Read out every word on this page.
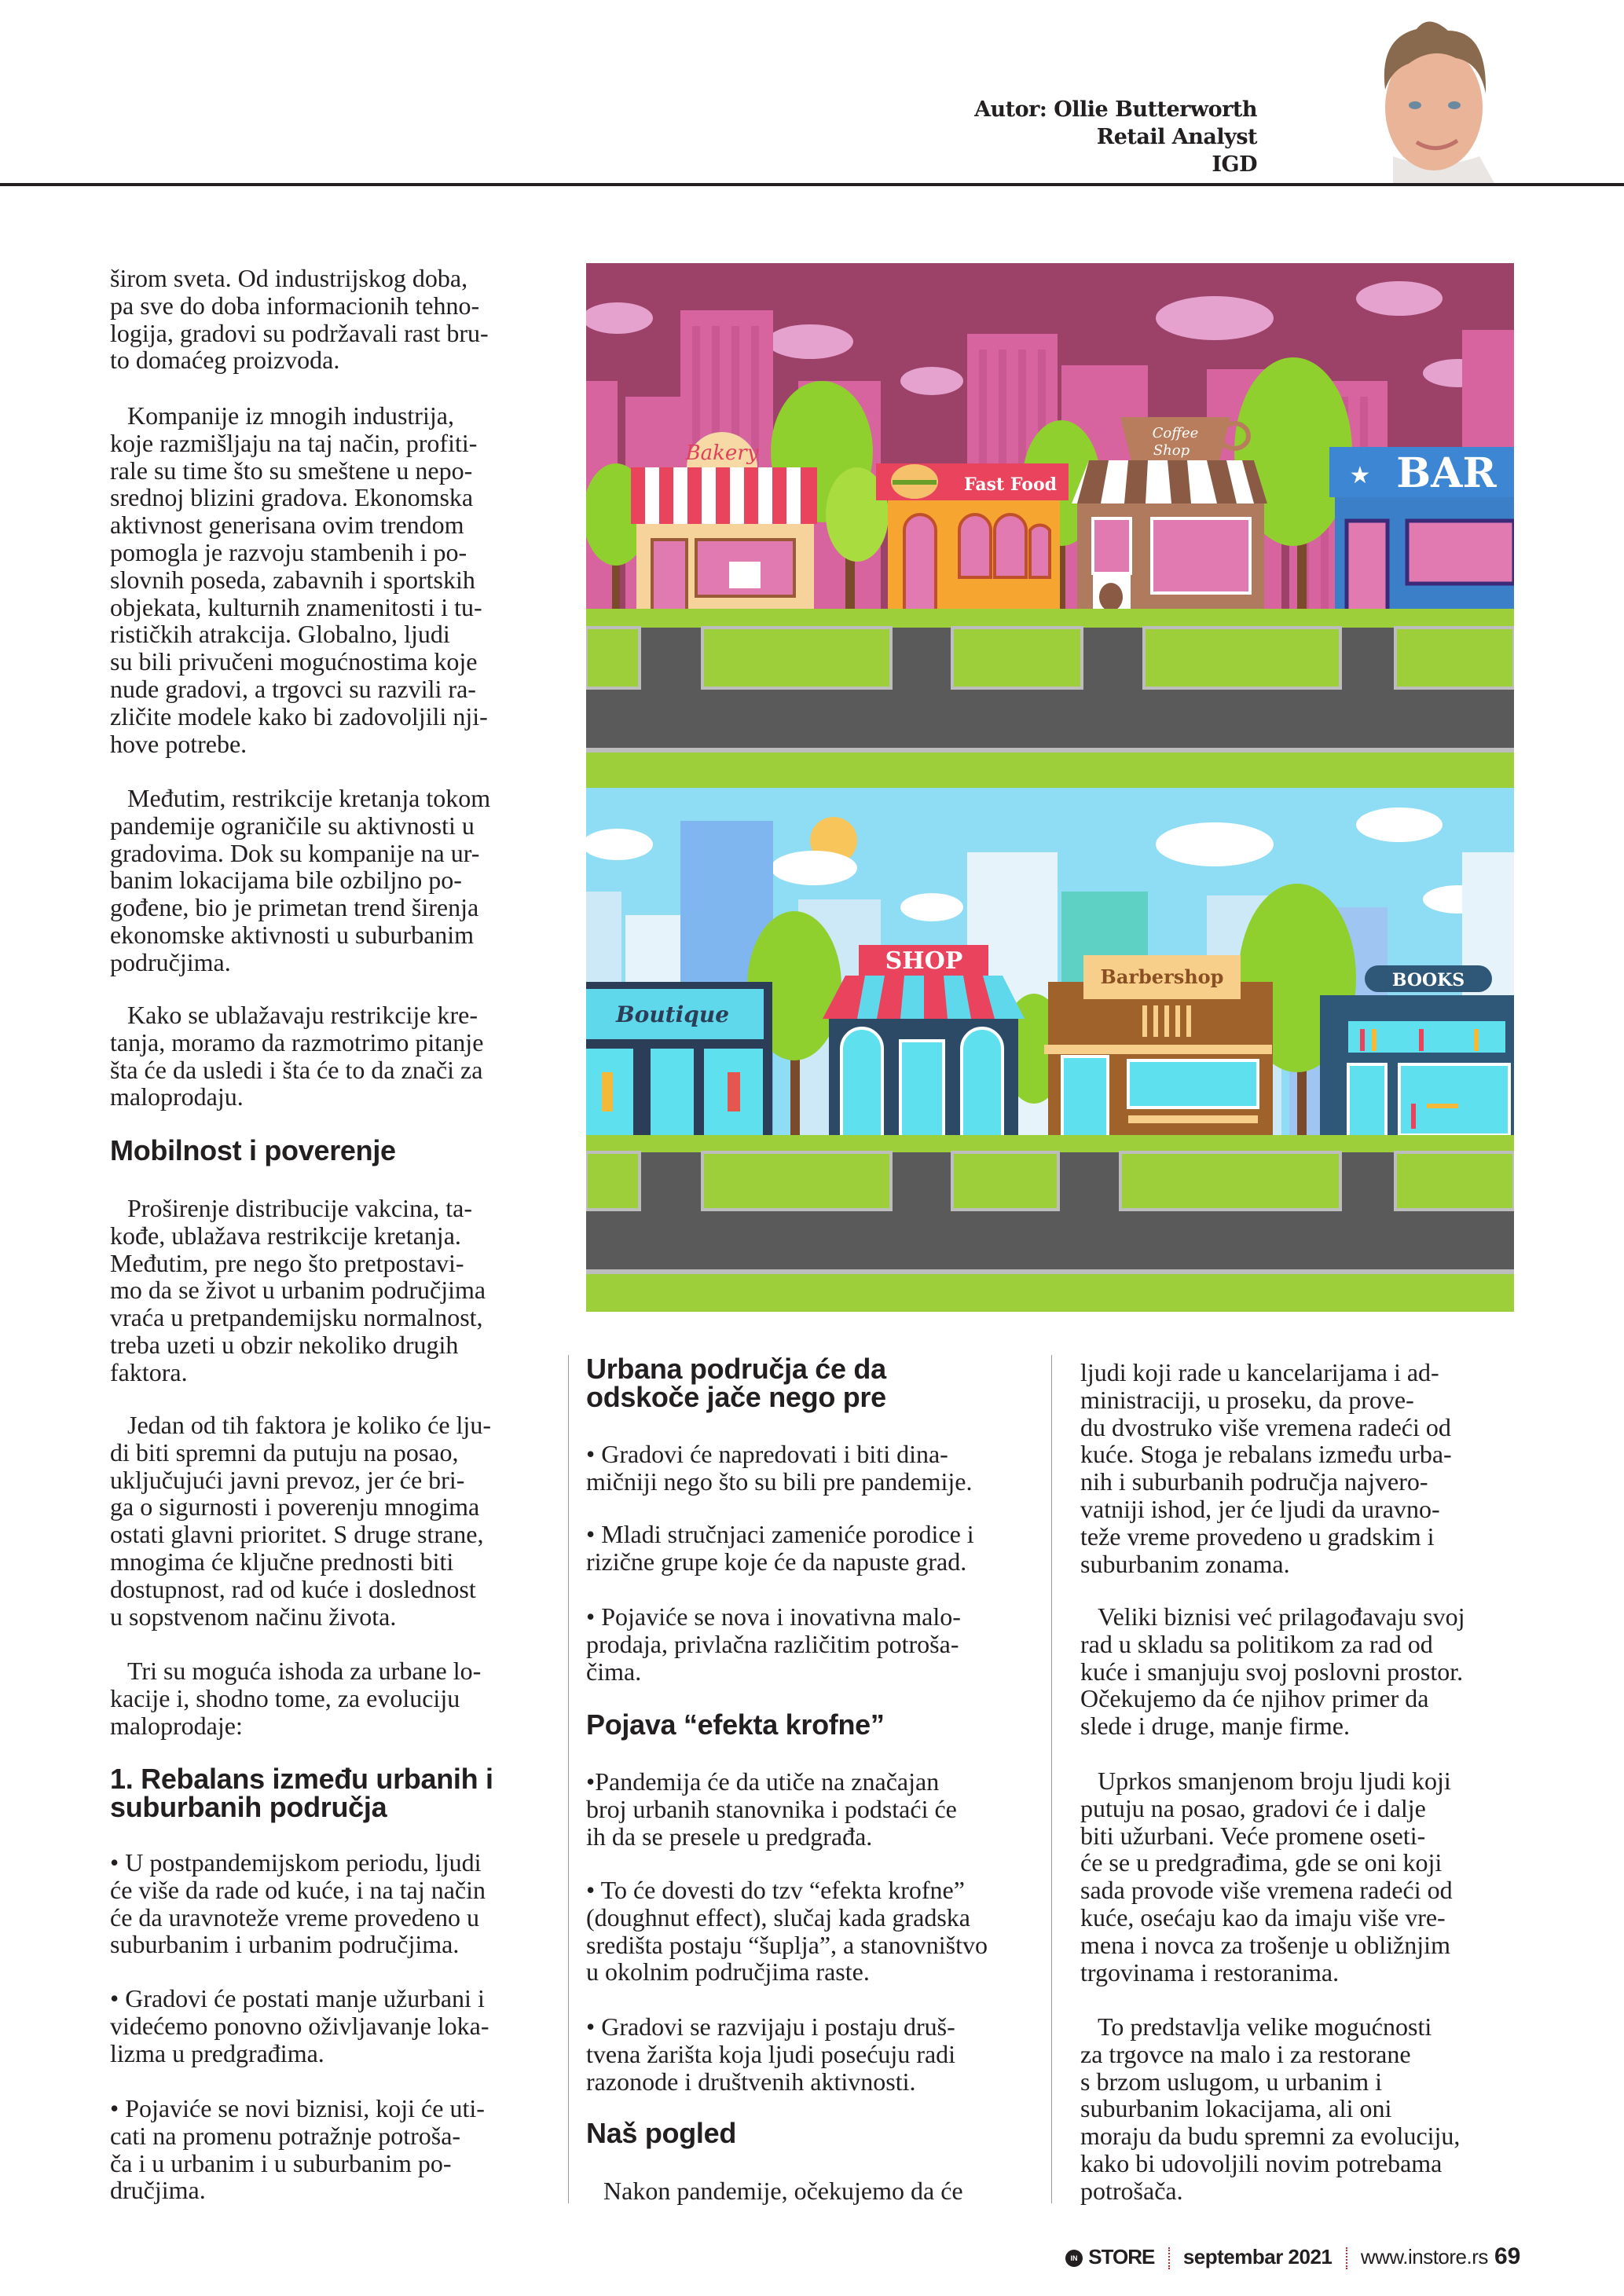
Autor: Ollie Butterworth
Retail Analyst
IGD

širom sveta. Od industrijskog doba,
pa sve do doba informacionih tehno-
logija, gradovi su podržavali rast bru-
to domaćeg proizvoda.

Kompanije iz mnogih industrija,
koje razmišljaju na taj način, profiti-
rale su time što su smeštene u nepo-
srednoj blizini gradova. Ekonomska
aktivnost generisana ovim trendom
pomogla je razvoju stambenih i po-
slovnih poseda, zabavnih i sportskih
objekata, kulturnih znamenitosti i tu-
rističkih atrakcija. Globalno, ljudi
su bili privučeni mogućnostima koje
nude gradovi, a trgovci su razvili ra-
zličite modele kako bi zadovoljili nji-
hove potrebe.

Međutim, restrikcije kretanja tokom
pandemije ograničile su aktivnosti u
gradovima. Dok su kompanije na ur-
banim lokacijama bile ozbiljno po-
gođene, bio je primetan trend širenja
ekonomske aktivnosti u suburbanim
područjima.

Kako se ublažavaju restrikcije kre-
tanja, moramo da razmotrimo pitanje
šta će da usledi i šta će to da znači za
maloprodaju.

Mobilnost i poverenje

Proširenje distribucije vakcina, ta-
kođe, ublažava restrikcije kretanja.
Međutim, pre nego što pretpostavi-
mo da se život u urbanim područjima
vraća u pretpandemijsku normalnost,
treba uzeti u obzir nekoliko drugih
faktora.

Jedan od tih faktora je koliko će lju-
di biti spremni da putuju na posao,
uključujući javni prevoz, jer će bri-
ga o sigurnosti i poverenju mnogima
ostati glavni prioritet. S druge strane,
mnogima će ključne prednosti biti
dostupnost, rad od kuće i doslednost
u sopstvenom načinu života.

Tri su moguća ishoda za urbane lo-
kacije i, shodno tome, za evoluciju
maloprodaje:

1. Rebalans između urbanih i
suburbanih područja

• U postpandemijskom periodu, ljudi
će više da rade od kuće, i na taj način
će da uravnoteže vreme provedeno u
suburbanim i urbanim područjima.

• Gradovi će postati manje užurbani i
videćemo ponovno oživljavanje loka-
lizma u predgrađima.

• Pojaviće se novi biznisi, koji će uti-
cati na promenu potražnje potroša-
ča i u urbanim i u suburbanim po-
dručjima.

Bakery
Fast Food
Coffee
Shop
★ BAR
Boutique
SHOP
Barbershop	BOOKS
Urbana područja će da
odskoče jače nego pre

• Gradovi će napredovati i biti dina-
mičniji nego što su bili pre pandemije.

• Mladi stručnjaci zameniće porodice i
rizične grupe koje će da napuste grad.

• Pojaviće se nova i inovativna malo-
prodaja, privlačna različitim potroša-
čima.

Pojava “efekta krofne”

•Pandemija će da utiče na značajan
broj urbanih stanovnika i podstaći će
ih da se presele u predgrađa.

• To će dovesti do tzv “efekta krofne”
(doughnut effect), slučaj kada gradska
središta postaju “šuplja”, a stanovništvo
u okolnim područjima raste.

• Gradovi se razvijaju i postaju druš-
tvena žarišta koja ljudi posećuju radi
razonode i društvenih aktivnosti.

Naš pogled

Nakon pandemije, očekujemo da će

ljudi koji rade u kancelarijama i ad-
ministraciji, u proseku, da prove-
du dvostruko više vremena radeći od
kuće. Stoga je rebalans između urba-
nih i suburbanih područja najvero-
vatniji ishod, jer će ljudi da uravno-
teže vreme provedeno u gradskim i
suburbanim zonama.

Veliki biznisi već prilagođavaju svoj
rad u skladu sa politikom za rad od
kuće i smanjuju svoj poslovni prostor.
Očekujemo da će njihov primer da
slede i druge, manje firme.

Uprkos smanjenom broju ljudi koji
putuju na posao, gradovi će i dalje
biti užurbani. Veće promene oseti-
će se u predgrađima, gde se oni koji
sada provode više vremena radeći od
kuće, osećaju kao da imaju više vre-
mena i novca za trošenje u obližnjim
trgovinama i restoranima.

To predstavlja velike mogućnosti
za trgovce na malo i za restorane
s brzom uslugom, u urbanim i
suburbanim lokacijama, ali oni
moraju da budu spremni za evoluciju,
kako bi udovoljili novim potrebama
potrošača.

IN STORE septembar 2021 www.instore.rs 69
